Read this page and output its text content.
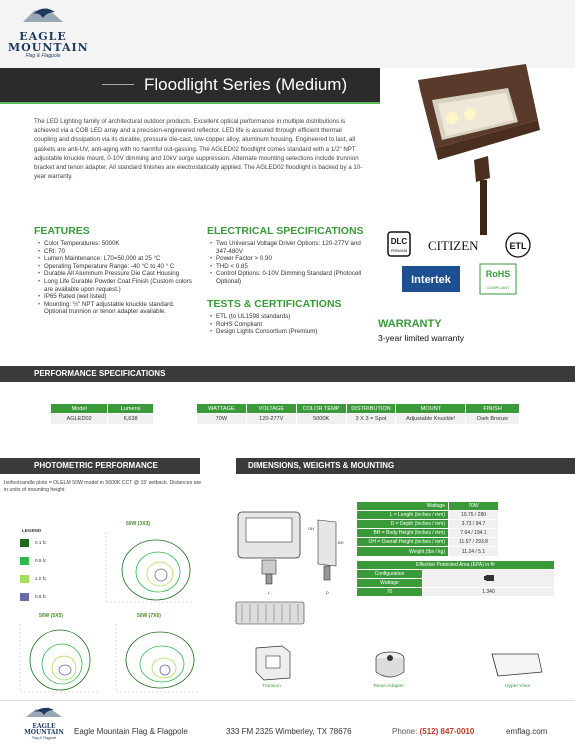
EAGLE
MOUNTAIN
Flag & Flagpole
Floodlight Series (Medium)
The LED Lighting family of architectural outdoor products. Excellent optical performance in multiple distributions is achieved via a COB LED array and a precision-engineered reflector. LED life is assured through efficient thermal coupling and dissipation via its durable, pressure die-cast, low-copper alloy, aluminum housing. Engineered to last, all gaskets are anti-UV, anti-aging with no harmful out-gassing. The AGLED02 floodlight comes standard with a 1/2" NPT adjustable knuckle mount, 0-10V dimming and 10kV surge suppression. Alternate mounting selections include trunnion bracket and tenon adapter. All standard finishes are electrostatically applied. The AGLED02 floodlight is backed by a 10-year warranty.
FEATURES
• Color Temperatures: 5000K
• CRI: 70
• Lumen Maintenance: L70=50,000 at 25 °C
• Operating Temperature Range: -40 °C to 40 ° C
• Durable All Aluminum Pressure Die Cast Housing
• Long Life Durable Powder Coat Finish (Custom colors are available upon request.)
• IP65 Rated (wet listed)
• Mounting: ½" NPT adjustable knuckle standard. Optional trunnion or tenon adapter available.
ELECTRICAL SPECIFICATIONS
• Two Universal Voltage Driver Options: 120-277V and 347-480V
• Power Factor > 0.90
• THD < 0.85
• Control Options: 0-10V Dimming Standard (Photocell Optional)
TESTS & CERTIFICATIONS
• ETL (to UL1598 standards)
• RoHS Compliant
• Design Lights Consortium (Premium)
DLC
PREMIUM CITIZEN	ETL
Intertek	RoHS
COMPLIANT
WARRANTY
3-year limited warranty
PERFORMANCE SPECIFICATIONS
Model	Lumens
AGLED02	6,638
WATTAGE	VOLTAGE	COLOR TEMP	DISTRIBUTION	MOUNT	FINISH
70W	120-277V	5000K	3 X 3 = Spot	Adjustable Knuckle¹	Dark Bronze
PHOTOMETRIC PERFORMANCE
Isofootcandle plots = OLELM 50W model in 5000K CCT @ 15' setback. Distances are in units of mounting height
LEGEND
0.1 fc
0.5 fc
1.0 fc
0.6 fc
50W (3X3)
50W (5X5)	50W (7X6)
DIMENSIONS, WEIGHTS & MOUNTING
OH
L
BH
D
Wattage	70W
L = Length (inches / mm)	10.75 / 280
D = Depth (inches / mm)	3.73 / 94.7
BH = Body Height (inches / mm)	7.64 / 194.1
OH = Overall Height (inches / mm)	11.57 / 293.8
Weight (lbs / kg)	11.24 / 5.1
Effective Protected Area (EPA) in ft²	
Configuration	
Wattage	
70	1.340
Trunnion	Tenon Adapter	Upper Visor
EAGLE
MOUNTAIN
Flag & Flagpole
Eagle Mountain Flag & Flagpole	333 FM 2325 Wimberley, TX 78676	Phone: (512) 847-0010	emflag.com
